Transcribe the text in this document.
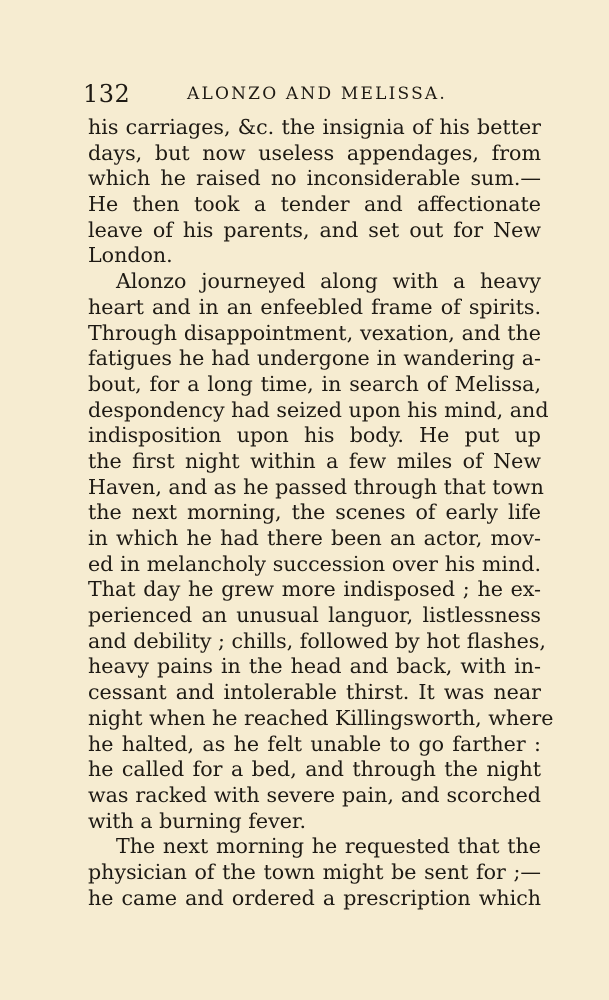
132	ALONZO AND MELISSA.
his carriages, &c. the insignia of his better
days, but now useless appendages, from
which he raised no inconsiderable sum.—
He then took a tender and affectionate
leave of his parents, and set out for New
London.
Alonzo journeyed along with a heavy
heart and in an enfeebled frame of spirits.
Through disappointment, vexation, and the
fatigues he had undergone in wandering a-
bout, for a long time, in search of Melissa,
despondency had seized upon his mind, and
indisposition upon his body. He put up
the first night within a few miles of New
Haven, and as he passed through that town
the next morning, the scenes of early life
in which he had there been an actor, mov-
ed in melancholy succession over his mind.
That day he grew more indisposed ; he ex-
perienced an unusual languor, listlessness
and debility ; chills, followed by hot flashes,
heavy pains in the head and back, with in-
cessant and intolerable thirst. It was near
night when he reached Killingsworth, where
he halted, as he felt unable to go farther :
he called for a bed, and through the night
was racked with severe pain, and scorched
with a burning fever.
The next morning he requested that the
physician of the town might be sent for ;—
he came and ordered a prescription which
